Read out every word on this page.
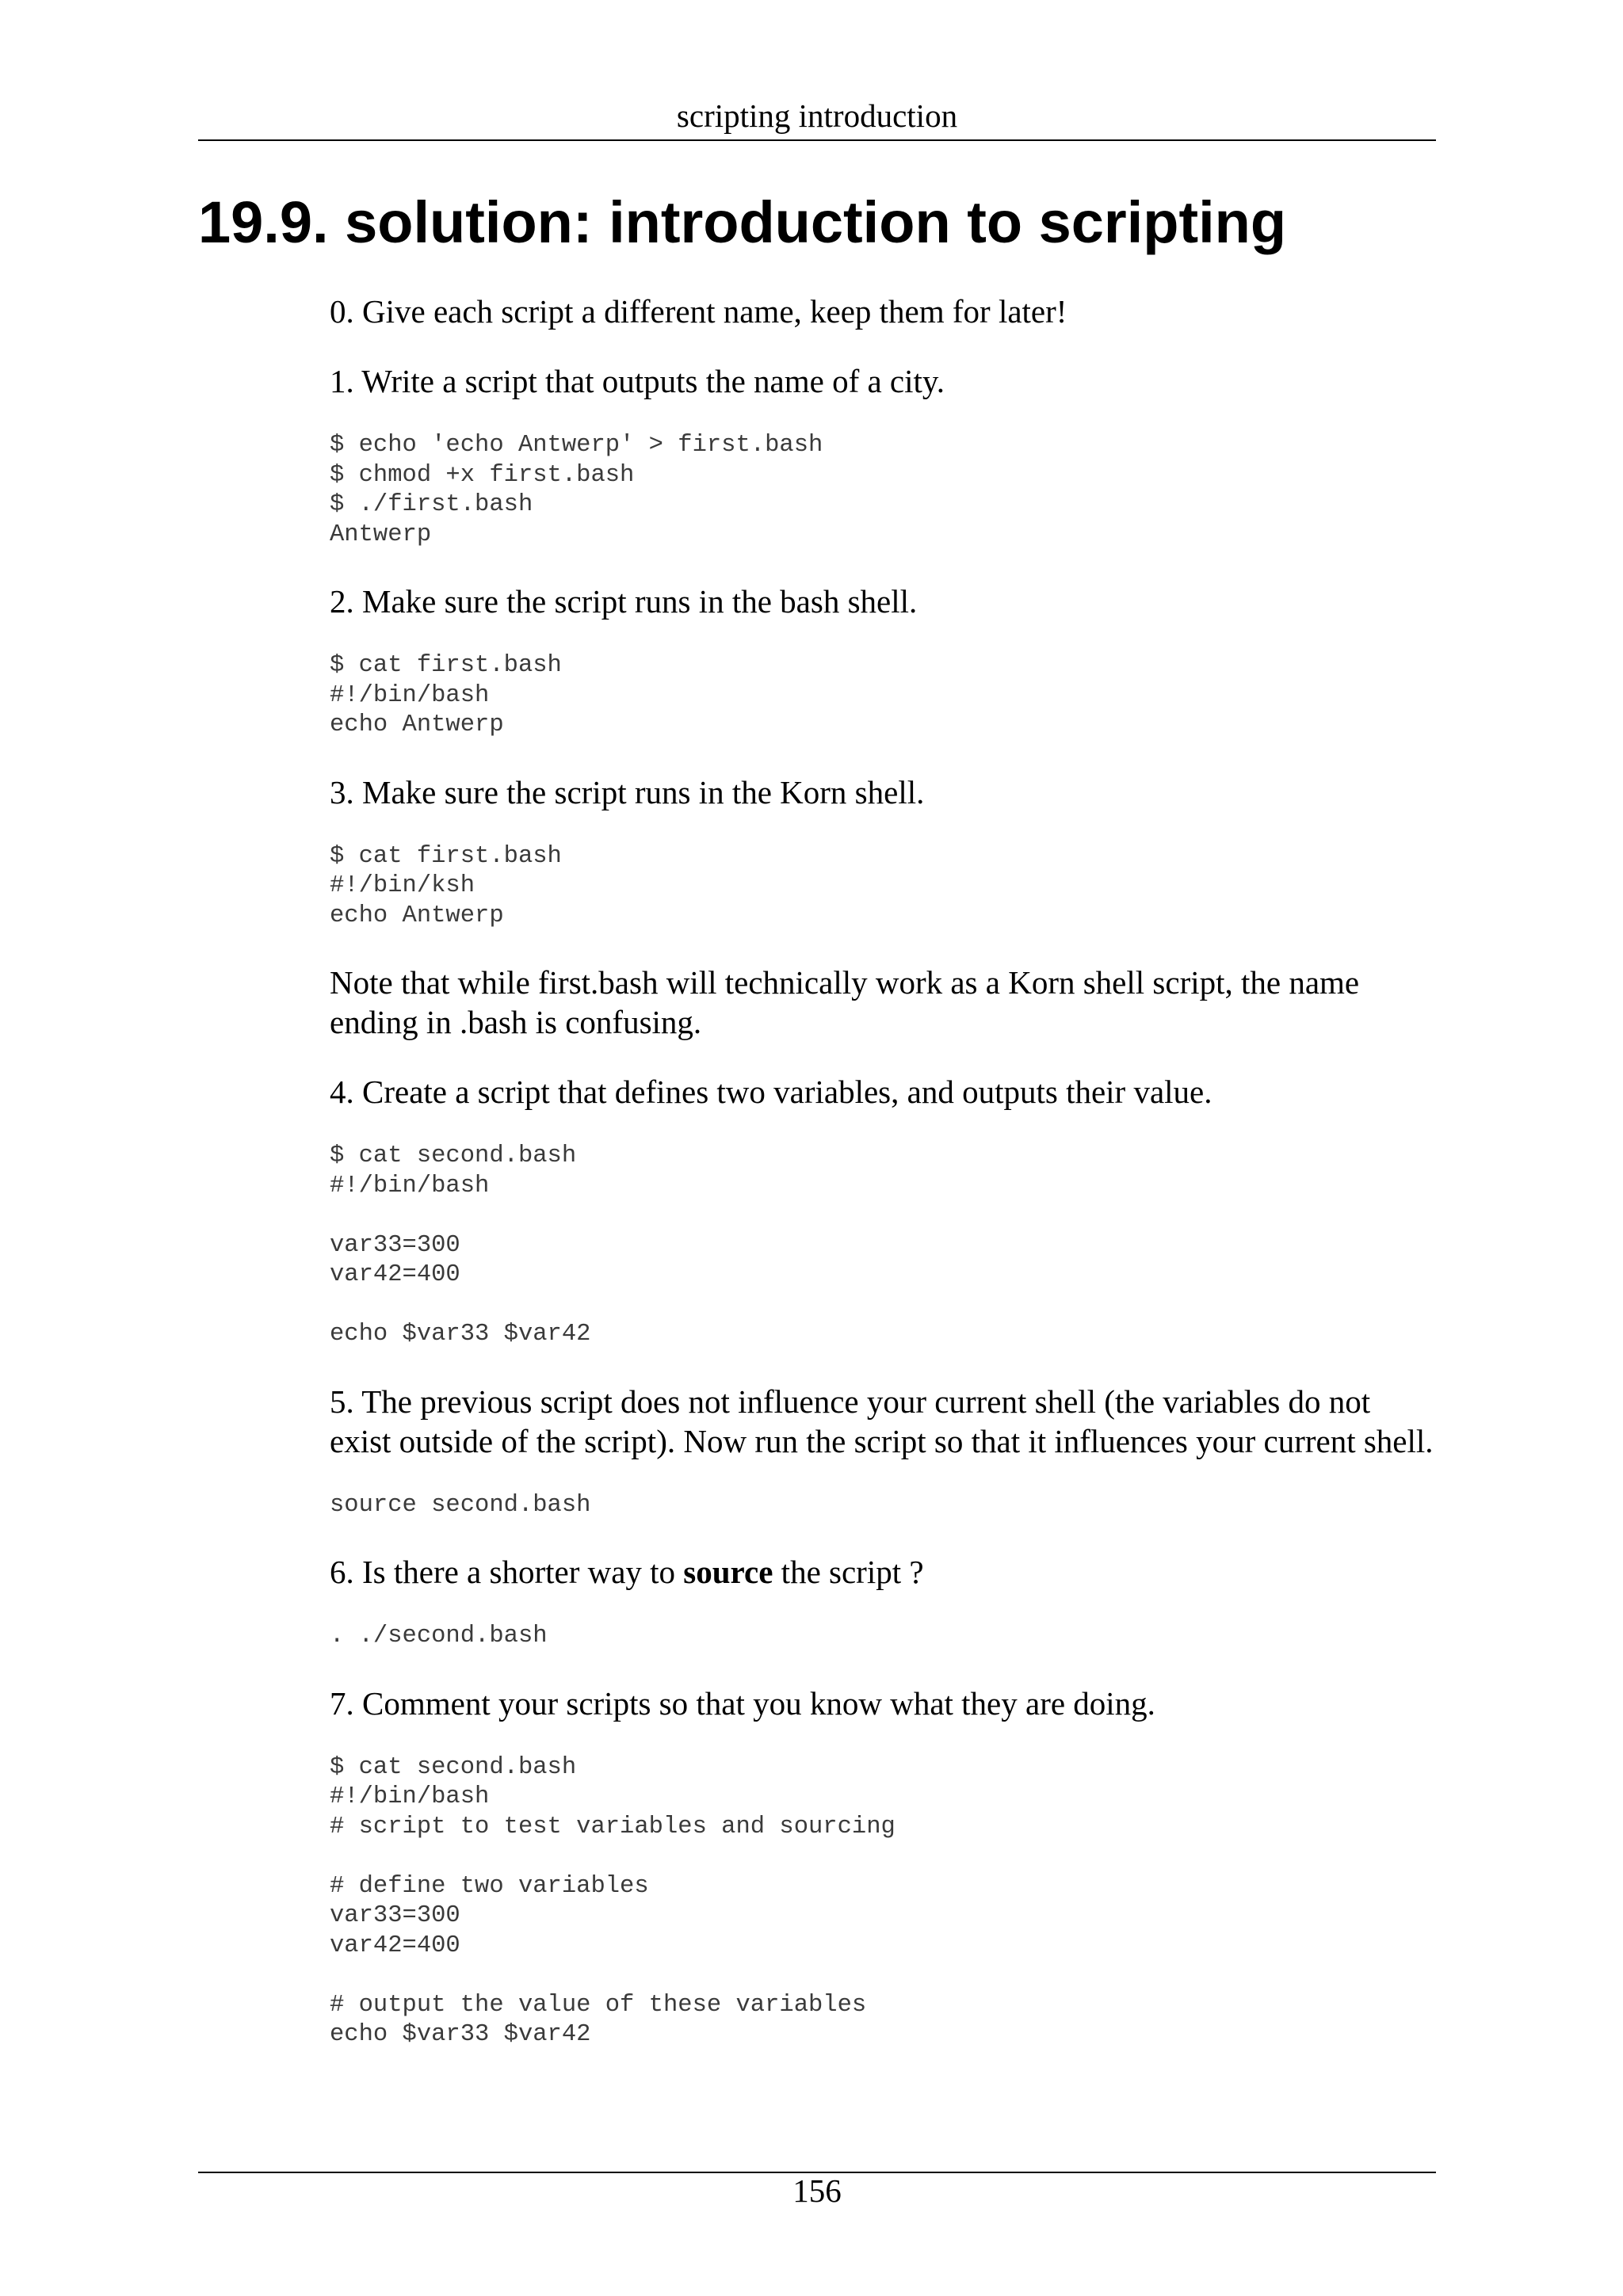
scripting introduction
19.9. solution: introduction to scripting

0. Give each script a different name, keep them for later!

1. Write a script that outputs the name of a city.

$ echo 'echo Antwerp' > first.bash
$ chmod +x first.bash
$ ./first.bash
Antwerp

2. Make sure the script runs in the bash shell.

$ cat first.bash
#!/bin/bash
echo Antwerp

3. Make sure the script runs in the Korn shell.

$ cat first.bash
#!/bin/ksh
echo Antwerp

Note that while first.bash will technically work as a Korn shell script, the name ending in .bash is confusing.

4. Create a script that defines two variables, and outputs their value.

$ cat second.bash
#!/bin/bash

var33=300
var42=400

echo $var33 $var42

5. The previous script does not influence your current shell (the variables do not exist outside of the script). Now run the script so that it influences your current shell.

source second.bash

6. Is there a shorter way to source the script ?

. ./second.bash

7. Comment your scripts so that you know what they are doing.

$ cat second.bash
#!/bin/bash
# script to test variables and sourcing

# define two variables
var33=300
var42=400

# output the value of these variables
echo $var33 $var42
156
